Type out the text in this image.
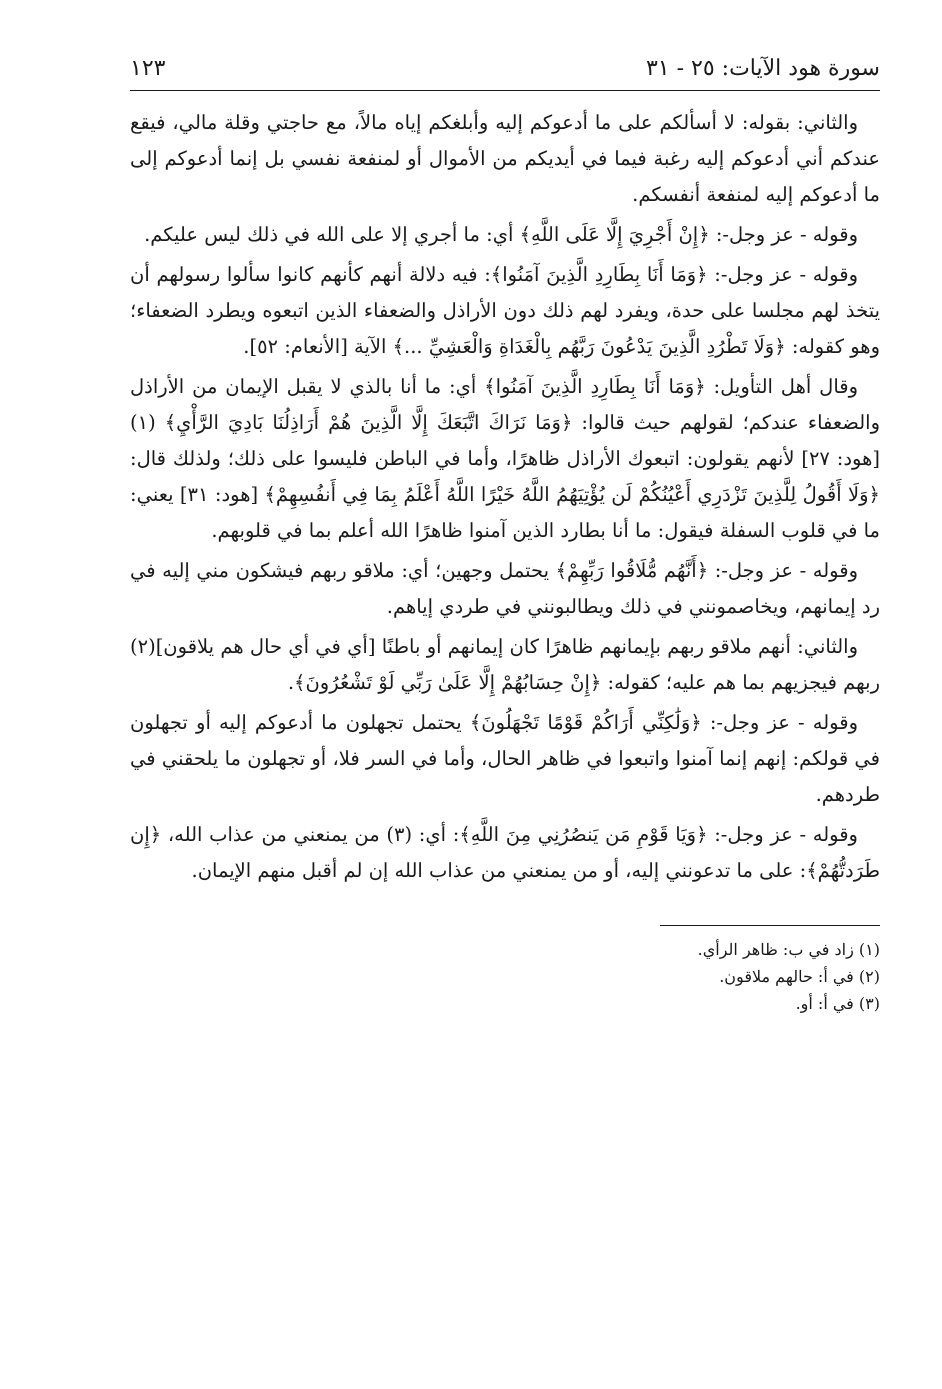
سورة هود الآيات: ٢٥ - ٣١
١٢٣

والثاني: بقوله: لا أسألكم على ما أدعوكم إليه وأبلغكم إياه مالاً، مع حاجتي وقلة مالي، فيقع عندكم أني أدعوكم إليه رغبة فيما في أيديكم من الأموال أو لمنفعة نفسي بل إنما أدعوكم إلى ما أدعوكم إليه لمنفعة أنفسكم.

وقوله - عز وجل-: ﴿إِنْ أَجْرِيَ إِلَّا عَلَى اللَّهِ﴾ أي: ما أجري إلا على الله في ذلك ليس عليكم.

وقوله - عز وجل-: ﴿وَمَا أَنَا بِطَارِدِ الَّذِينَ آمَنُوا﴾: فيه دلالة أنهم كأنهم كانوا سألوا رسولهم أن يتخذ لهم مجلسا على حدة، ويفرد لهم ذلك دون الأراذل والضعفاء الذين اتبعوه ويطرد الضعفاء؛ وهو كقوله: ﴿وَلَا تَطْرُدِ الَّذِينَ يَدْعُونَ رَبَّهُم بِالْغَدَاةِ وَالْعَشِيِّ ...﴾ الآية [الأنعام: ٥٢].

وقال أهل التأويل: ﴿وَمَا أَنَا بِطَارِدِ الَّذِينَ آمَنُوا﴾ أي: ما أنا بالذي لا يقبل الإيمان من الأراذل والضعفاء عندكم؛ لقولهم حيث قالوا: ﴿وَمَا نَرَاكَ اتَّبَعَكَ إِلَّا الَّذِينَ هُمْ أَرَاذِلُنَا بَادِيَ الرَّأْيِ﴾ (١) [هود: ٢٧] لأنهم يقولون: اتبعوك الأراذل ظاهرًا، وأما في الباطن فليسوا على ذلك؛ ولذلك قال: ﴿وَلَا أَقُولُ لِلَّذِينَ تَزْدَرِي أَعْيُنُكُمْ لَن يُؤْتِيَهُمُ اللَّهُ خَيْرًا اللَّهُ أَعْلَمُ بِمَا فِي أَنفُسِهِمْ﴾ [هود: ٣١] يعني: ما في قلوب السفلة فيقول: ما أنا بطارد الذين آمنوا ظاهرًا الله أعلم بما في قلوبهم.

وقوله - عز وجل-: ﴿أَنَّهُم مُّلَاقُوا رَبِّهِمْ﴾ يحتمل وجهين؛ أي: ملاقو ربهم فيشكون مني إليه في رد إيمانهم، ويخاصمونني في ذلك ويطالبونني في طردي إياهم.

والثاني: أنهم ملاقو ربهم بإيمانهم ظاهرًا كان إيمانهم أو باطنًا [أي في أي حال هم يلاقون](٢) ربهم فيجزيهم بما هم عليه؛ كقوله: ﴿إِنْ حِسَابُهُمْ إِلَّا عَلَىٰ رَبِّي لَوْ تَشْعُرُونَ﴾.

وقوله - عز وجل-: ﴿وَلَٰكِنِّي أَرَاكُمْ قَوْمًا تَجْهَلُونَ﴾ يحتمل تجهلون ما أدعوكم إليه أو تجهلون في قولكم: إنهم إنما آمنوا واتبعوا في ظاهر الحال، وأما في السر فلا، أو تجهلون ما يلحقني في طردهم.

وقوله - عز وجل-: ﴿وَيَا قَوْمِ مَن يَنصُرُنِي مِنَ اللَّهِ﴾: أي: (٣) من يمنعني من عذاب الله، ﴿إِن طَرَدتُّهُمْ﴾: على ما تدعونني إليه، أو من يمنعني من عذاب الله إن لم أقبل منهم الإيمان.

(١) زاد في ب: ظاهر الرأي.

(٢) في أ: حالهم ملاقون.

(٣) في أ: أو.
